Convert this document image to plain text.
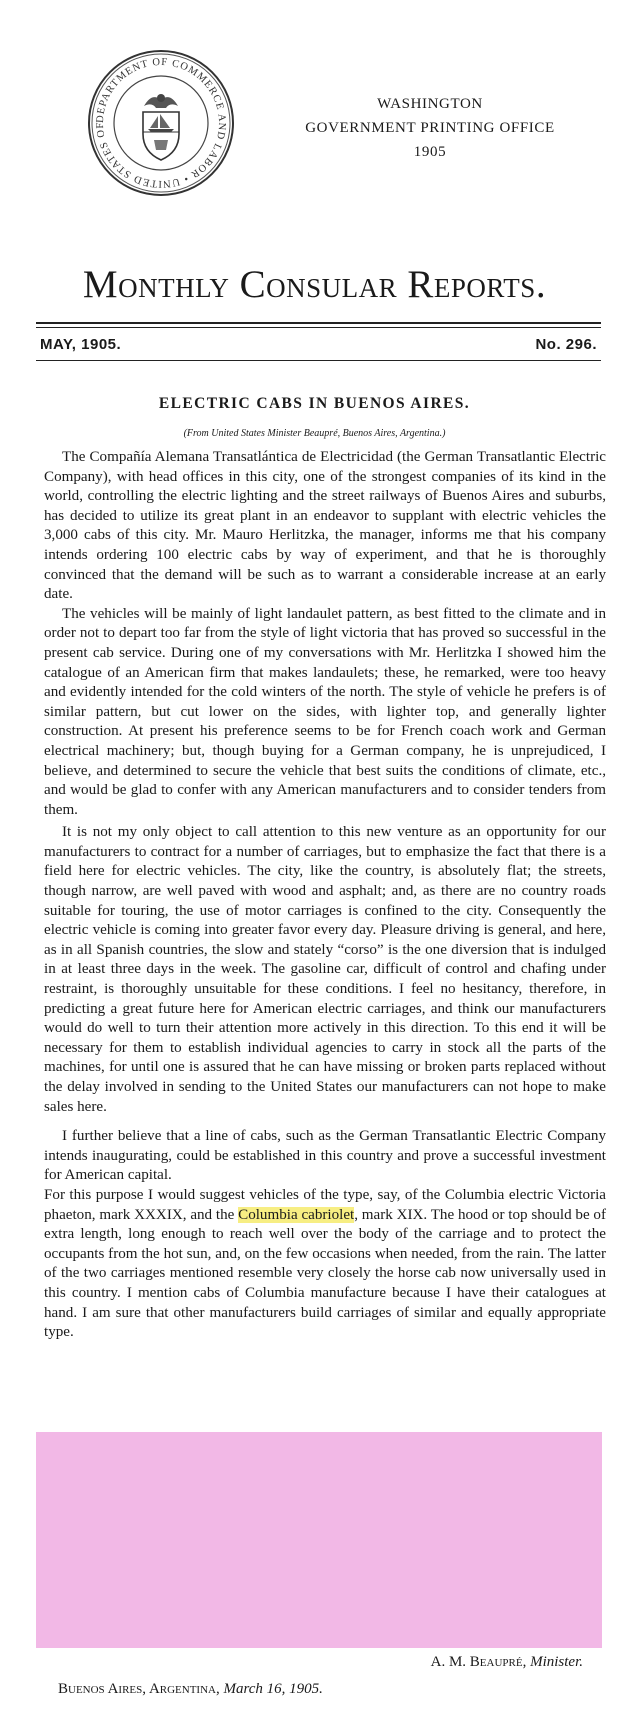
DEPARTMENT OF COMMERCE AND LABOR • UNITED STATES OF
WASHINGTON
GOVERNMENT PRINTING OFFICE
1905
Monthly Consular Reports.
MAY, 1905.	No. 296.
ELECTRIC CABS IN BUENOS AIRES.
(From United States Minister Beaupré, Buenos Aires, Argentina.)

The Compañía Alemana Transatlántica de Electricidad (the German Transatlantic Electric Company), with head offices in this city, one of the strongest companies of its kind in the world, controlling the electric lighting and the street railways of Buenos Aires and suburbs, has decided to utilize its great plant in an endeavor to supplant with electric vehicles the 3,000 cabs of this city. Mr. Mauro Herlitzka, the manager, informs me that his company intends ordering 100 electric cabs by way of experiment, and that he is thoroughly convinced that the demand will be such as to warrant a considerable increase at an early date.

The vehicles will be mainly of light landaulet pattern, as best fitted to the climate and in order not to depart too far from the style of light victoria that has proved so successful in the present cab service. During one of my conversations with Mr. Herlitzka I showed him the catalogue of an American firm that makes landaulets; these, he remarked, were too heavy and evidently intended for the cold winters of the north. The style of vehicle he prefers is of similar pattern, but cut lower on the sides, with lighter top, and generally lighter construction. At present his preference seems to be for French coach work and German electrical machinery; but, though buying for a German company, he is unprejudiced, I believe, and determined to secure the vehicle that best suits the conditions of climate, etc., and would be glad to confer with any American manufacturers and to consider tenders from them.

It is not my only object to call attention to this new venture as an opportunity for our manufacturers to contract for a number of carriages, but to emphasize the fact that there is a field here for electric vehicles. The city, like the country, is absolutely flat; the streets, though narrow, are well paved with wood and asphalt; and, as there are no country roads suitable for touring, the use of motor carriages is confined to the city. Consequently the electric vehicle is coming into greater favor every day. Pleasure driving is general, and here, as in all Spanish countries, the slow and stately “corso” is the one diversion that is indulged in at least three days in the week. The gasoline car, difficult of control and chafing under restraint, is thoroughly unsuitable for these conditions. I feel no hesitancy, therefore, in predicting a great future here for American electric carriages, and think our manufacturers would do well to turn their attention more actively in this direction. To this end it will be necessary for them to establish individual agencies to carry in stock all the parts of the machines, for until one is assured that he can have missing or broken parts replaced without the delay involved in sending to the United States our manufacturers can not hope to make sales here.

I further believe that a line of cabs, such as the German Transatlantic Electric Company intends inaugurating, could be established in this country and prove a successful investment for American capital.

For this purpose I would suggest vehicles of the type, say, of the Columbia electric Victoria phaeton, mark XXXIX, and the Columbia cabriolet, mark XIX. The hood or top should be of extra length, long enough to reach well over the body of the carriage and to protect the occupants from the hot sun, and, on the few occasions when needed, from the rain. The latter of the two carriages mentioned resemble very closely the horse cab now universally used in this country. I mention cabs of Columbia manufacture because I have their catalogues at hand. I am sure that other manufacturers build carriages of similar and equally appropriate type.

A. M. Beaupré, Minister.
Buenos Aires, Argentina, March 16, 1905.
